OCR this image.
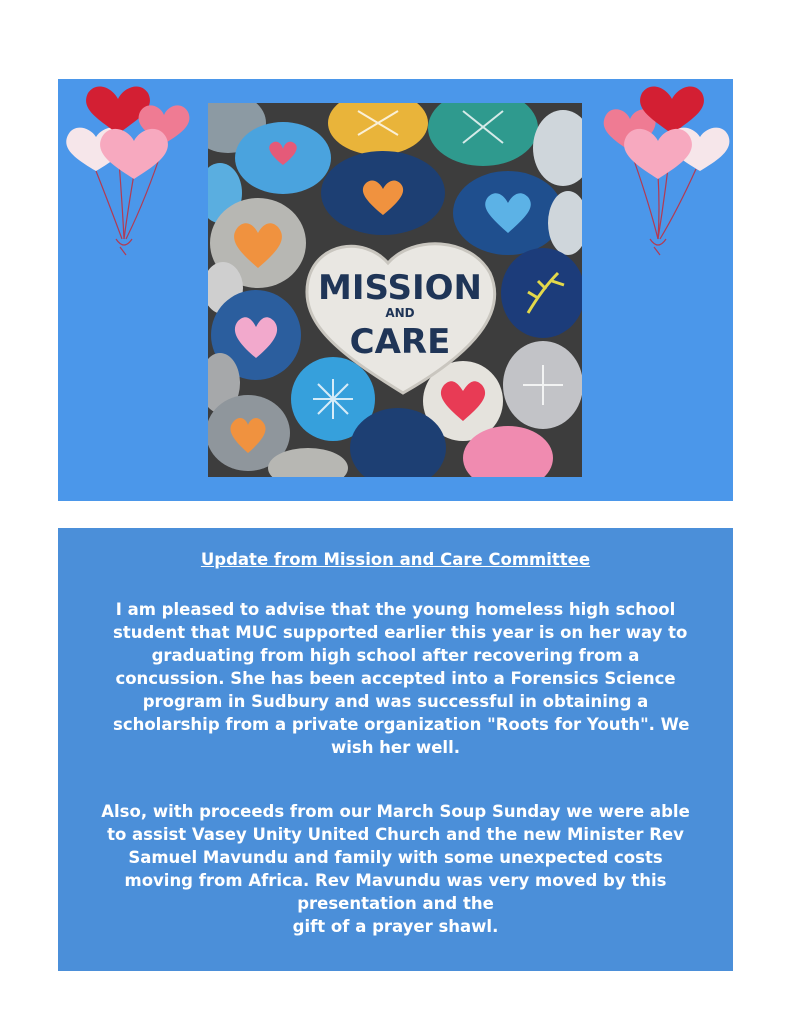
MISSION
AND
CARE
Update from Mission and Care Committee

I am pleased to advise that the young homeless high school
student that MUC supported earlier this year is on her way to
graduating from high school after recovering from a
concussion. She has been accepted into a Forensics Science
program in Sudbury and was successful in obtaining a
scholarship from a private organization "Roots for Youth". We
wish her well.

Also, with proceeds from our March Soup Sunday we were able
to assist Vasey Unity United Church and the new Minister Rev
Samuel Mavundu and family with some unexpected costs
moving from Africa. Rev Mavundu was very moved by this
presentation and the
gift of a prayer shawl.
